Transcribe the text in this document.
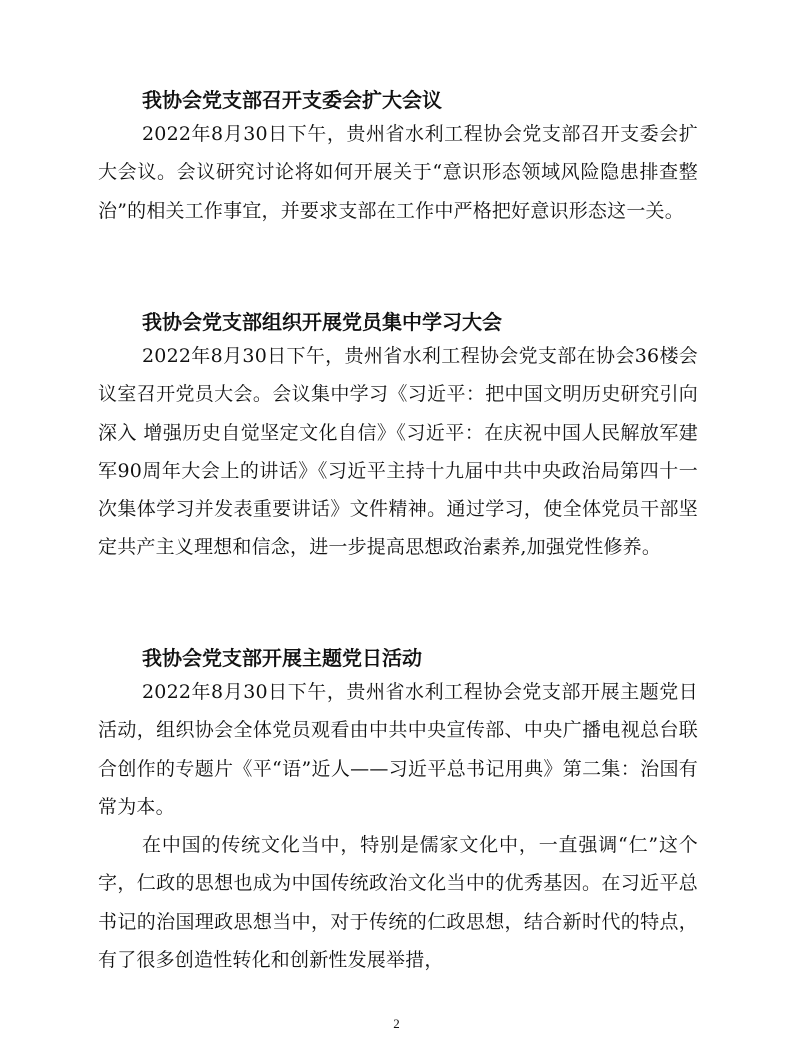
我协会党支部召开支委会扩大会议

2022年8月30日下午，贵州省水利工程协会党支部召开支委会扩大会议。会议研究讨论将如何开展关于“意识形态领域风险隐患排查整治”的相关工作事宜，并要求支部在工作中严格把好意识形态这一关。

我协会党支部组织开展党员集中学习大会

2022年8月30日下午，贵州省水利工程协会党支部在协会36楼会议室召开党员大会。会议集中学习《习近平：把中国文明历史研究引向深入 增强历史自觉坚定文化自信》《习近平：在庆祝中国人民解放军建军90周年大会上的讲话》《习近平主持十九届中共中央政治局第四十一次集体学习并发表重要讲话》文件精神。通过学习，使全体党员干部坚定共产主义理想和信念，进一步提高思想政治素养,加强党性修养。

我协会党支部开展主题党日活动

2022年8月30日下午，贵州省水利工程协会党支部开展主题党日活动，组织协会全体党员观看由中共中央宣传部、中央广播电视总台联合创作的专题片《平“语”近人——习近平总书记用典》第二集：治国有常为本。

在中国的传统文化当中，特别是儒家文化中，一直强调“仁”这个字，仁政的思想也成为中国传统政治文化当中的优秀基因。在习近平总书记的治国理政思想当中，对于传统的仁政思想，结合新时代的特点，有了很多创造性转化和创新性发展举措，

2
